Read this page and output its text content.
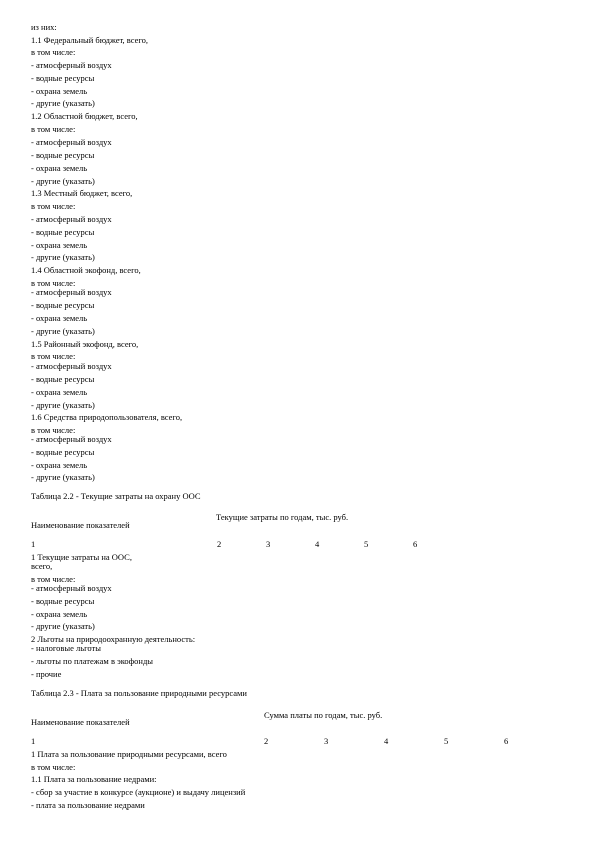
из них:
1.1 Федеральный бюджет, всего,
в том числе:
- атмосферный воздух
- водные ресурсы
- охрана земель
- другие (указать)
1.2 Областной бюджет, всего,
в том числе:
- атмосферный воздух
- водные ресурсы
- охрана земель
- другие (указать)
1.3 Местный бюджет, всего,
в том числе:
- атмосферный воздух
- водные ресурсы
- охрана земель
- другие (указать)
1.4 Областной экофонд, всего,
в том числе:
- атмосферный воздух
- водные ресурсы
- охрана земель
- другие (указать)
1.5 Районный экофонд, всего,
в том числе:
- атмосферный воздух
- водные ресурсы
- охрана земель
- другие (указать)
1.6 Средства природопользователя, всего,
в том числе:
- атмосферный воздух
- водные ресурсы
- охрана земель
- другие (указать)
Таблица 2.2 - Текущие затраты на охрану ООС
Текущие затраты по годам, тыс. руб.
Наименование показателей
1	2	3	4	5	6
1 Текущие затраты на ООС,
всего,
в том числе:
- атмосферный воздух
- водные ресурсы
- охрана земель
- другие (указать)
2 Льготы на природоохранную деятельность:
- налоговые льготы
- льготы по платежам в экофонды
- прочие
Таблица 2.3 - Плата за пользование природными ресурсами
Сумма платы по годам, тыс. руб.
Наименование показателей
1	2	3	4	5	6
1 Плата за пользование природными ресурсами, всего
в том числе:
1.1 Плата за пользование недрами:
- сбор за участие в конкурсе (аукционе) и выдачу лицензий
- плата за пользование недрами
